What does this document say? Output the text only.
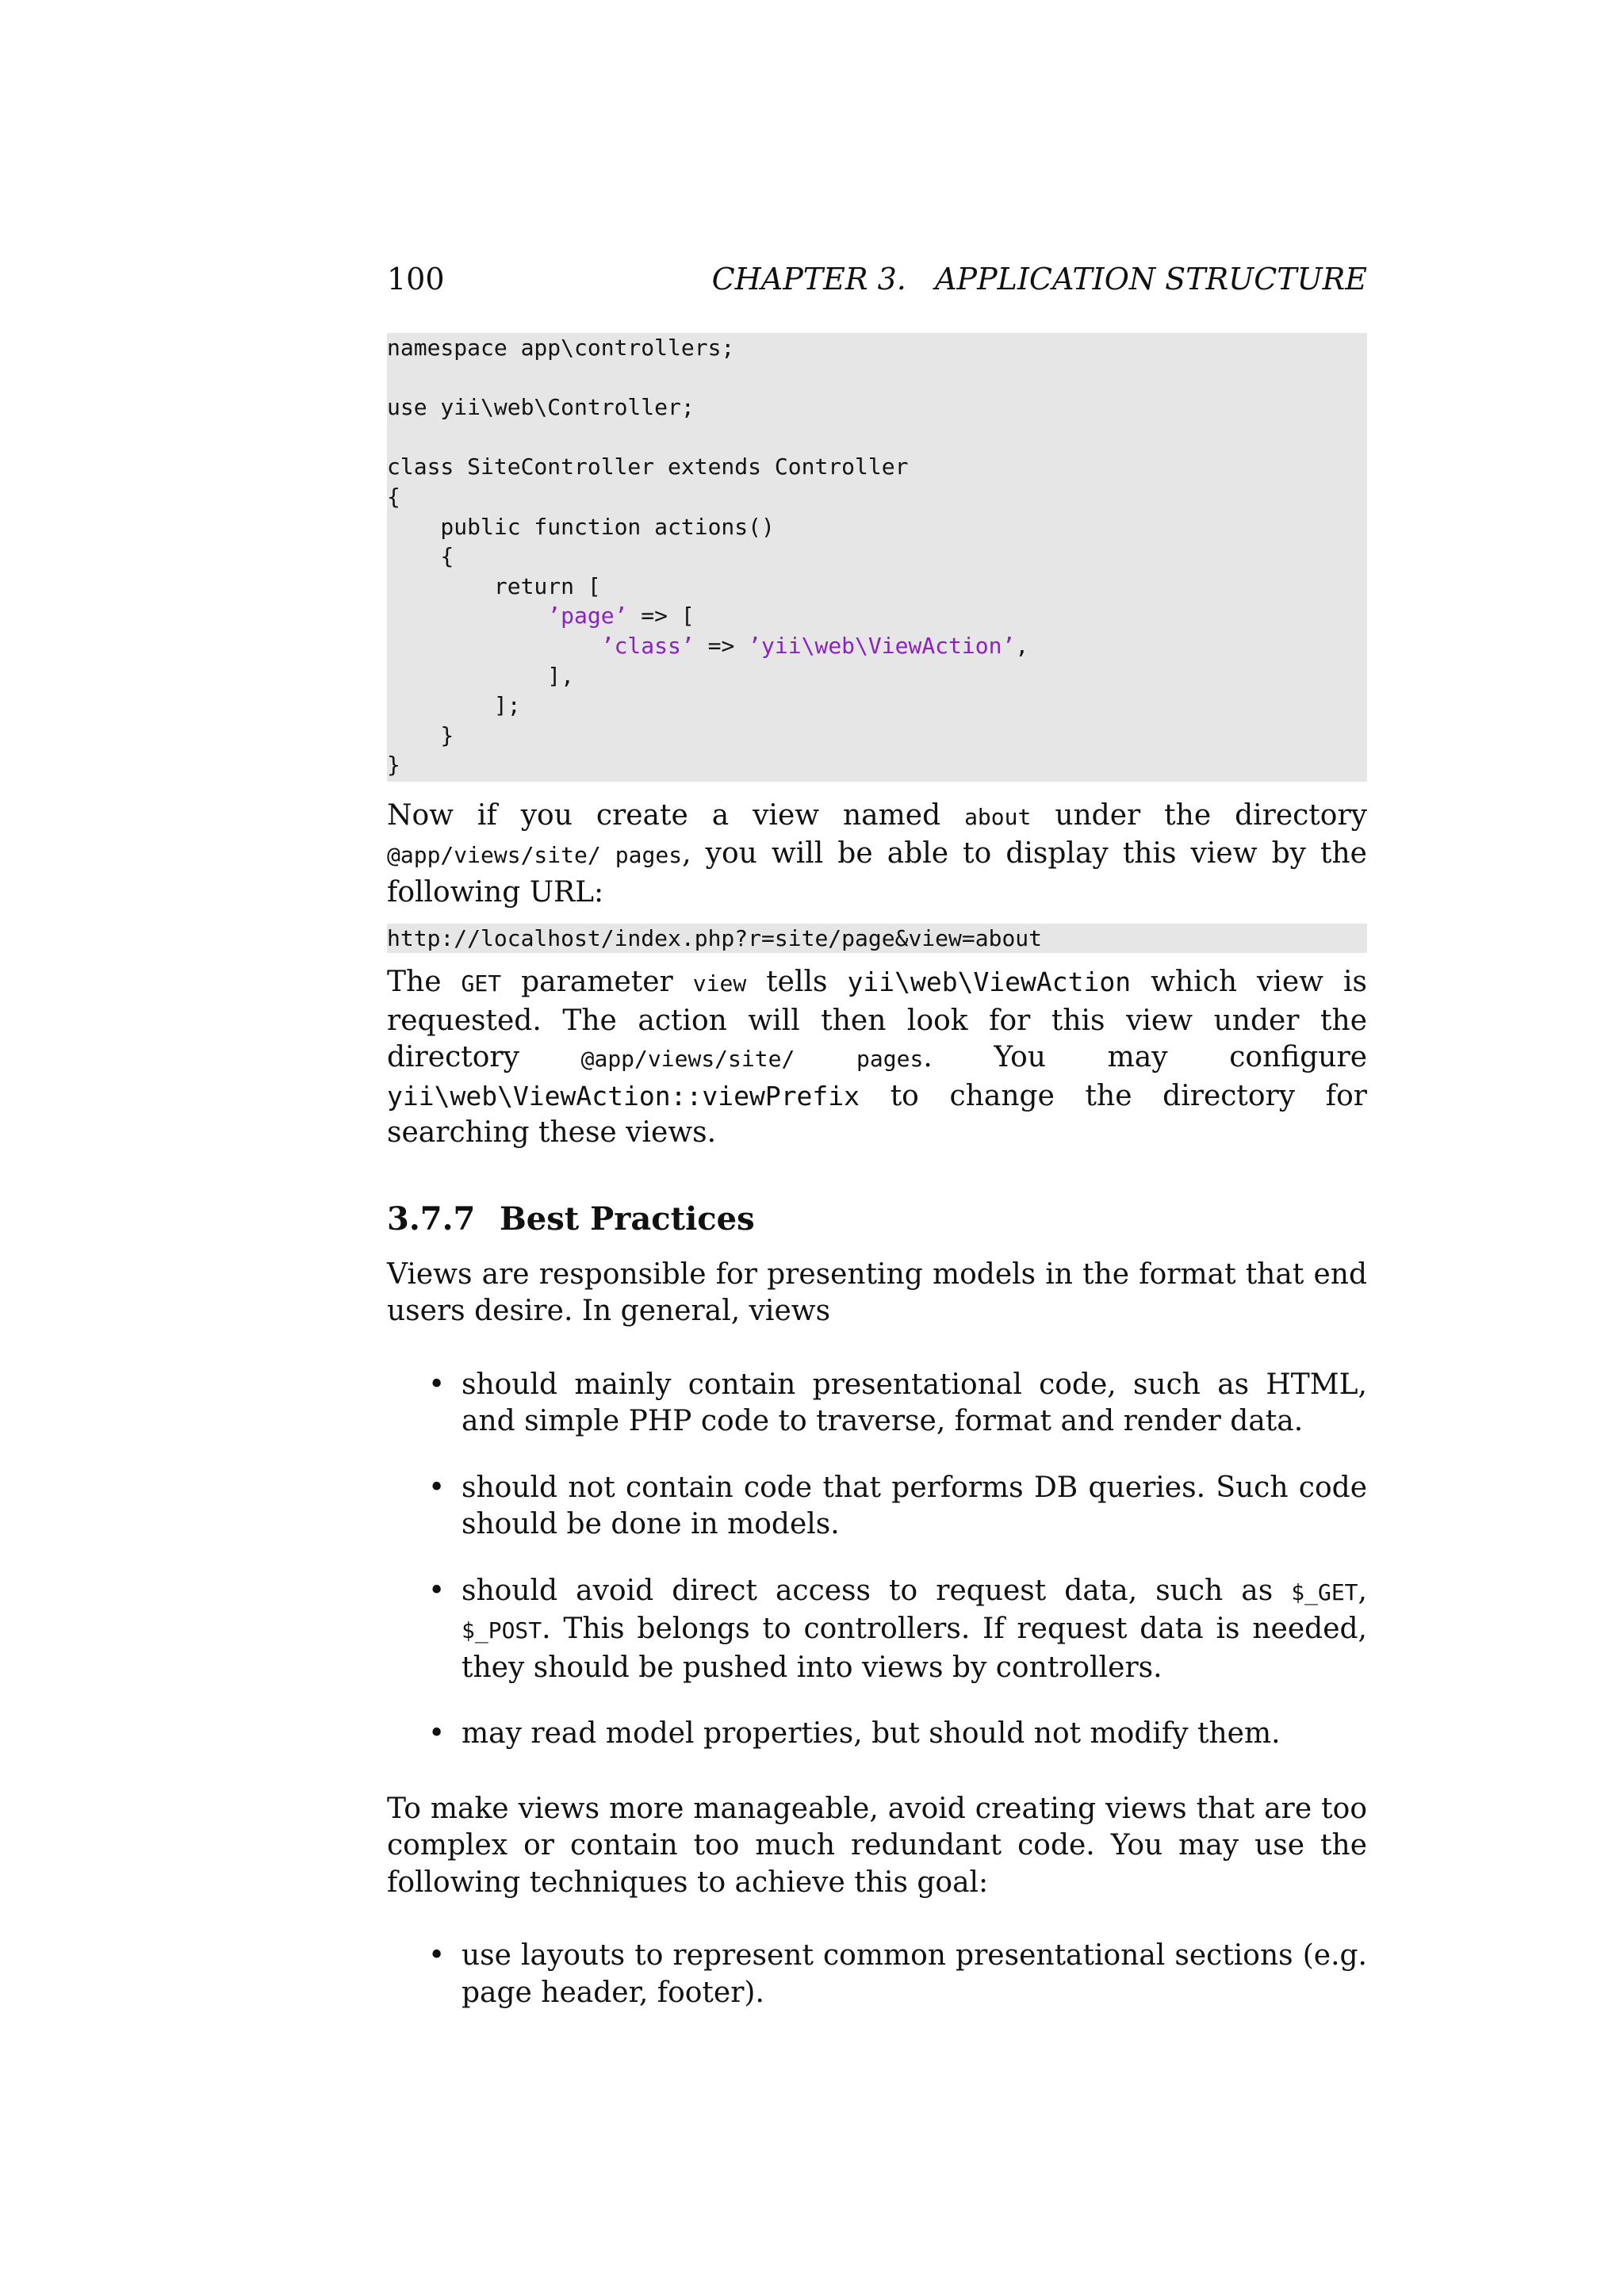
100	CHAPTER 3.   APPLICATION STRUCTURE
namespace app\controllers;
use yii\web\Controller;
class SiteController extends Controller
{
public function actions()
{
return [
’page’ => [
’class’ => ’yii\web\ViewAction’,
],
];
}
}

Now if you create a view named about under the directory @app/views/site/ pages, you will be able to display this view by the following URL:

http://localhost/index.php?r=site/page&view=about

The GET parameter view tells yii\web\ViewAction which view is requested. The action will then look for this view under the directory @app/views/site/	pages. You may configure yii\web\ViewAction::viewPrefix to change the directory for searching these views.

3.7.7 Best Practices

Views are responsible for presenting models in the format that end users desire. In general, views

• should mainly contain presentational code, such as HTML, and simple PHP code to traverse, format and render data.
• should not contain code that performs DB queries. Such code should be done in models.
• should avoid direct access to request data, such as $_GET, $_POST. This belongs to controllers. If request data is needed, they should be pushed into views by controllers.
• may read model properties, but should not modify them.

To make views more manageable, avoid creating views that are too complex or contain too much redundant code. You may use the following techniques to achieve this goal:

• use layouts to represent common presentational sections (e.g. page header, footer).
